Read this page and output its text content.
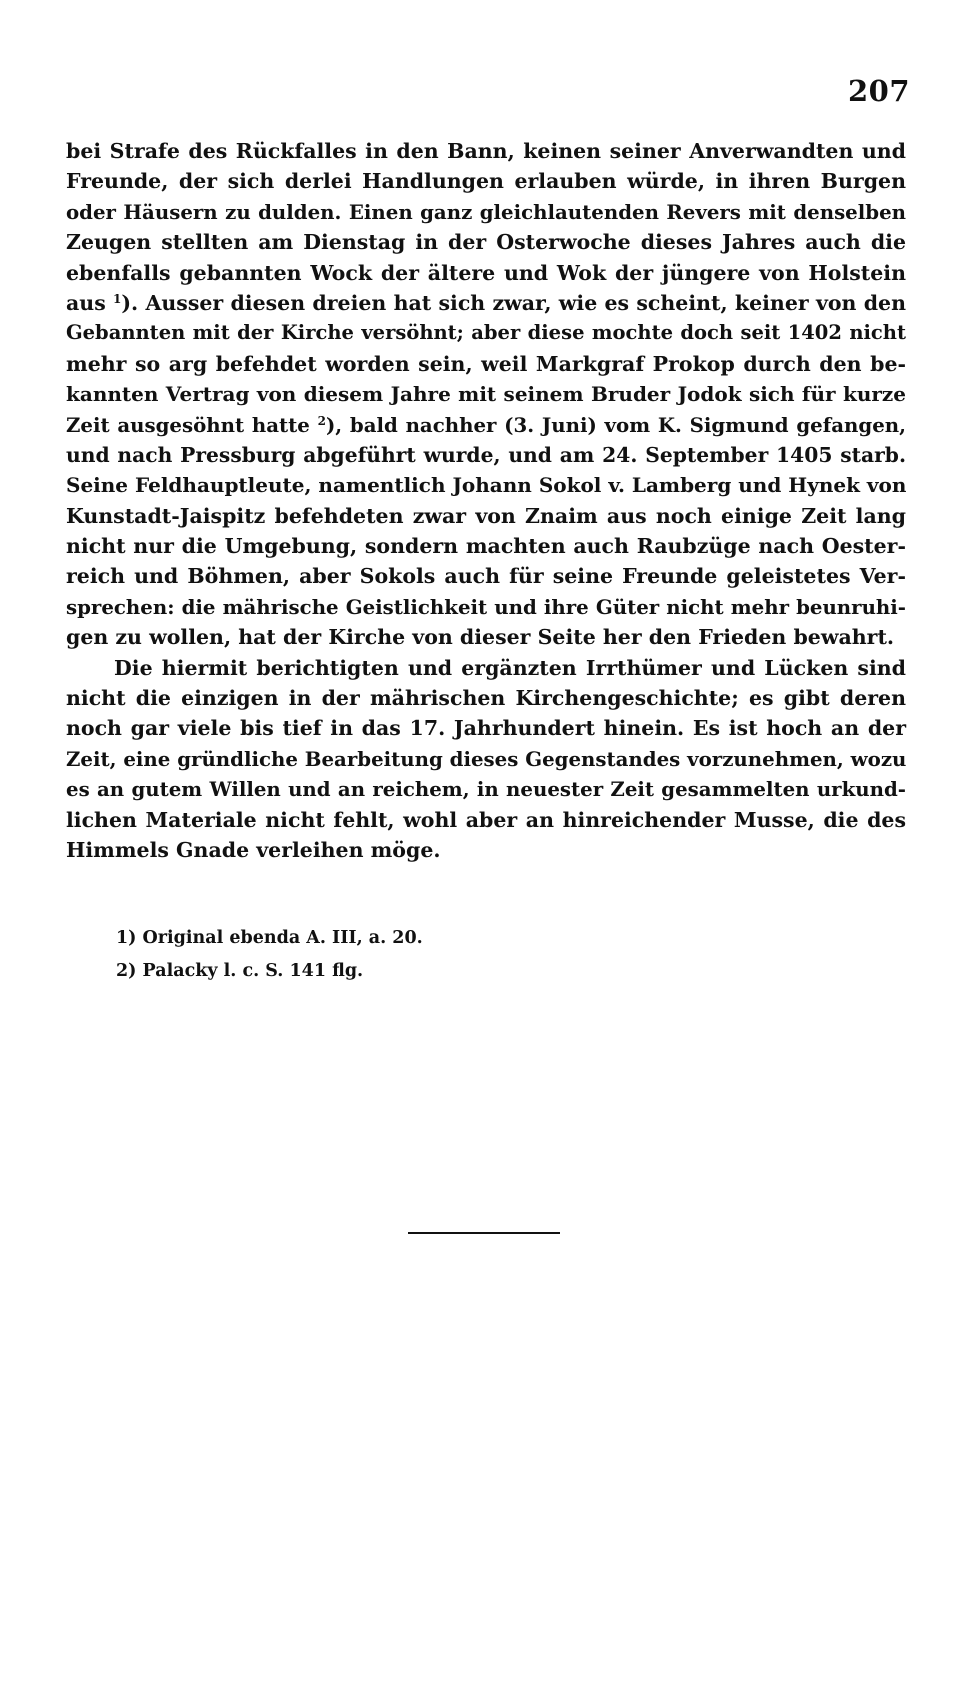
207
bei Strafe des Rückfalles in den Bann, keinen seiner Anverwandten und
Freunde, der sich derlei Handlungen erlauben würde, in ihren Burgen
oder Häusern zu dulden. Einen ganz gleichlautenden Revers mit denselben
Zeugen stellten am Dienstag in der Osterwoche dieses Jahres auch die
ebenfalls gebannten Wock der ältere und Wok der jüngere von Holstein
aus $^1$). Ausser diesen dreien hat sich zwar, wie es scheint, keiner von den
Gebannten mit der Kirche versöhnt; aber diese mochte doch seit 1402 nicht
mehr so arg befehdet worden sein, weil Markgraf Prokop durch den be-
kannten Vertrag von diesem Jahre mit seinem Bruder Jodok sich für kurze
Zeit ausgesöhnt hatte $^2$), bald nachher (3. Juni) vom K. Sigmund gefangen,
und nach Pressburg abgeführt wurde, und am 24. September 1405 starb.
Seine Feldhauptleute, namentlich Johann Sokol v. Lamberg und Hynek von
Kunstadt-Jaispitz befehdeten zwar von Znaim aus noch einige Zeit lang
nicht nur die Umgebung, sondern machten auch Raubzüge nach Oester-
reich und Böhmen, aber Sokols auch für seine Freunde geleistetes Ver-
sprechen: die mährische Geistlichkeit und ihre Güter nicht mehr beunruhi-
gen zu wollen, hat der Kirche von dieser Seite her den Frieden bewahrt.
Die hiermit berichtigten und ergänzten Irrthümer und Lücken sind
nicht die einzigen in der mährischen Kirchengeschichte; es gibt deren
noch gar viele bis tief in das 17. Jahrhundert hinein. Es ist hoch an der
Zeit, eine gründliche Bearbeitung dieses Gegenstandes vorzunehmen, wozu
es an gutem Willen und an reichem, in neuester Zeit gesammelten urkund-
lichen Materiale nicht fehlt, wohl aber an hinreichender Musse, die des
Himmels Gnade verleihen möge.
1) Original ebenda A. III, a. 20.
2) Palacky l. c. S. 141 flg.
